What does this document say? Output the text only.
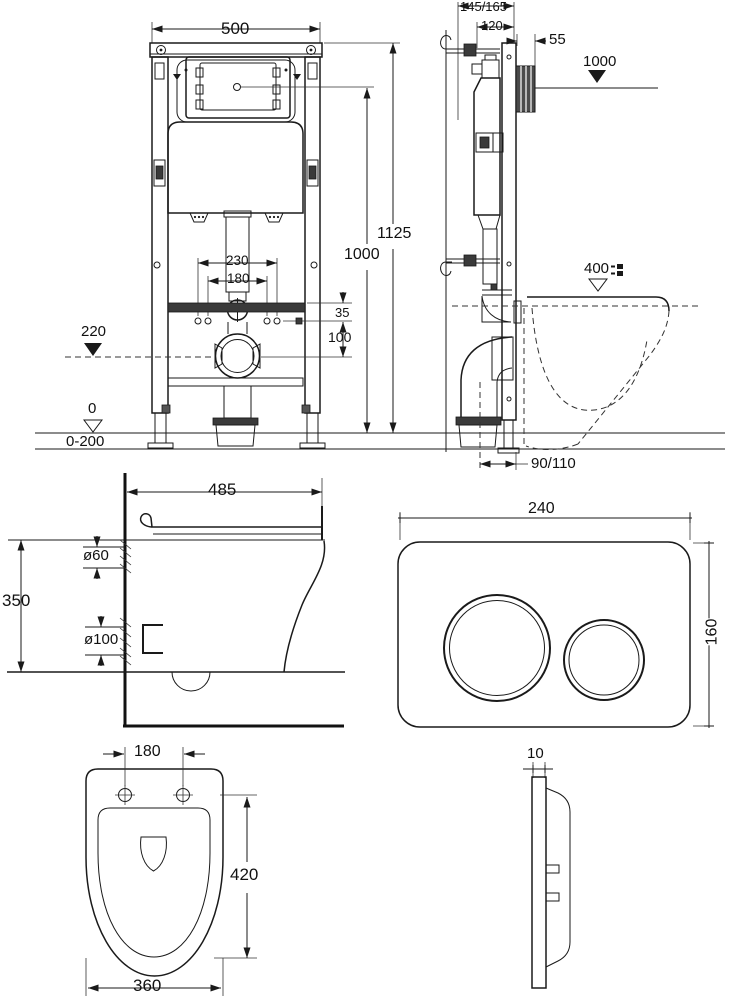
500
230
180
35
100
1000
1125
220
0
0-200
145/165
120
55
1000
400
90/110
485
ø60
350
ø100
240
160
180
420
360
10
